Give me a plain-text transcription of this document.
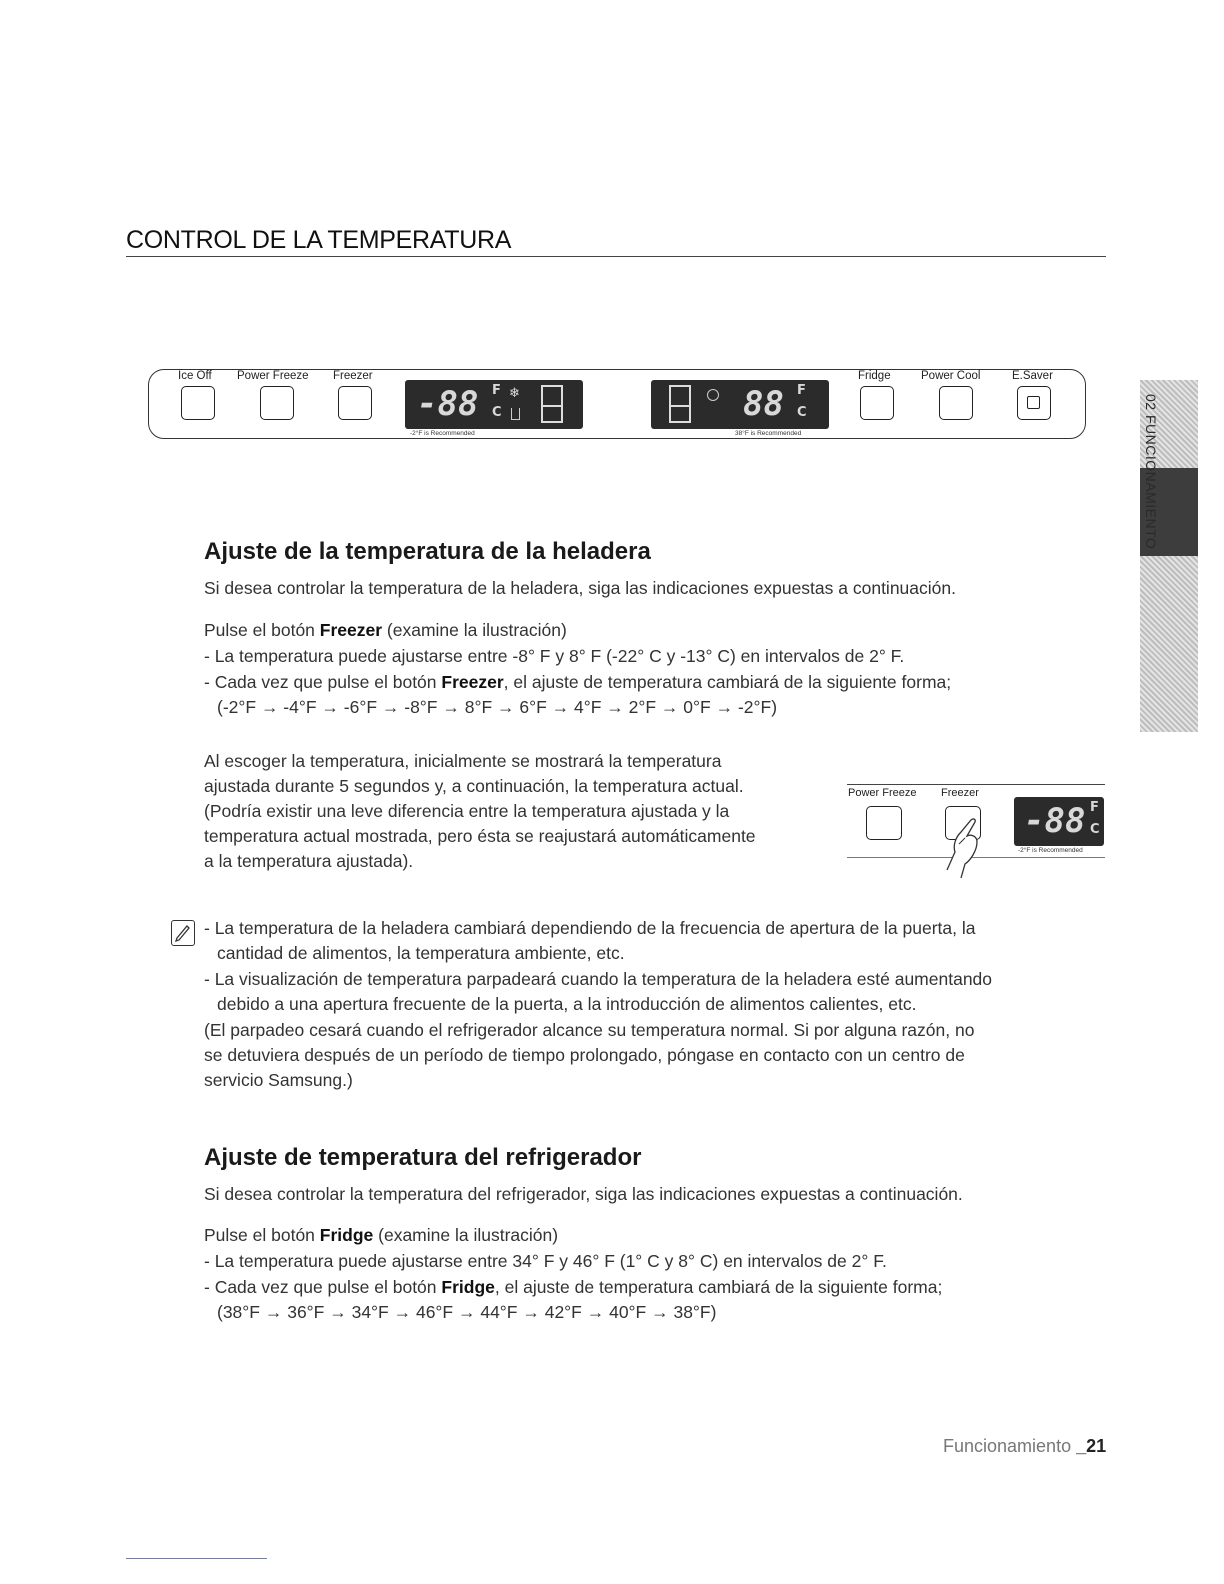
CONTROL DE LA TEMPERATURA
Ice Off Power Freeze Freezer
-88 F
C
❄
-2°F is Recommended
88 F
C
38°F is Recommended
Fridge	Power Cool	E.Saver
02 FUNCIONAMIENTO
Ajuste de la temperatura de la heladera
Si desea controlar la temperatura de la heladera, siga las indicaciones expuestas a continuación.
Pulse el botón Freezer (examine la ilustración)
- La temperatura puede ajustarse entre -8° F y 8° F (-22° C y -13° C) en intervalos de 2° F.
- Cada vez que pulse el botón Freezer, el ajuste de temperatura cambiará de la siguiente forma;
(-2°F → -4°F → -6°F → -8°F → 8°F → 6°F → 4°F → 2°F → 0°F → -2°F)
Al escoger la temperatura, inicialmente se mostrará la temperatura
ajustada durante 5 segundos y, a continuación, la temperatura actual.
(Podría existir una leve diferencia entre la temperatura ajustada y la
temperatura actual mostrada, pero ésta se reajustará automáticamente
a la temperatura ajustada).
Power Freeze	Freezer
-88 F
C
-2°F is Recommended
- La temperatura de la heladera cambiará dependiendo de la frecuencia de apertura de la puerta, la
cantidad de alimentos, la temperatura ambiente, etc.
- La visualización de temperatura parpadeará cuando la temperatura de la heladera esté aumentando
debido a una apertura frecuente de la puerta, a la introducción de alimentos calientes, etc.
(El parpadeo cesará cuando el refrigerador alcance su temperatura normal. Si por alguna razón, no
se detuviera después de un período de tiempo prolongado, póngase en contacto con un centro de
servicio Samsung.)
Ajuste de temperatura del refrigerador
Si desea controlar la temperatura del refrigerador, siga las indicaciones expuestas a continuación.
Pulse el botón Fridge (examine la ilustración)
- La temperatura puede ajustarse entre 34° F y 46° F (1° C y 8° C) en intervalos de 2° F.
- Cada vez que pulse el botón Fridge, el ajuste de temperatura cambiará de la siguiente forma;
(38°F → 36°F → 34°F → 46°F → 44°F → 42°F → 40°F → 38°F)
Funcionamiento _21
